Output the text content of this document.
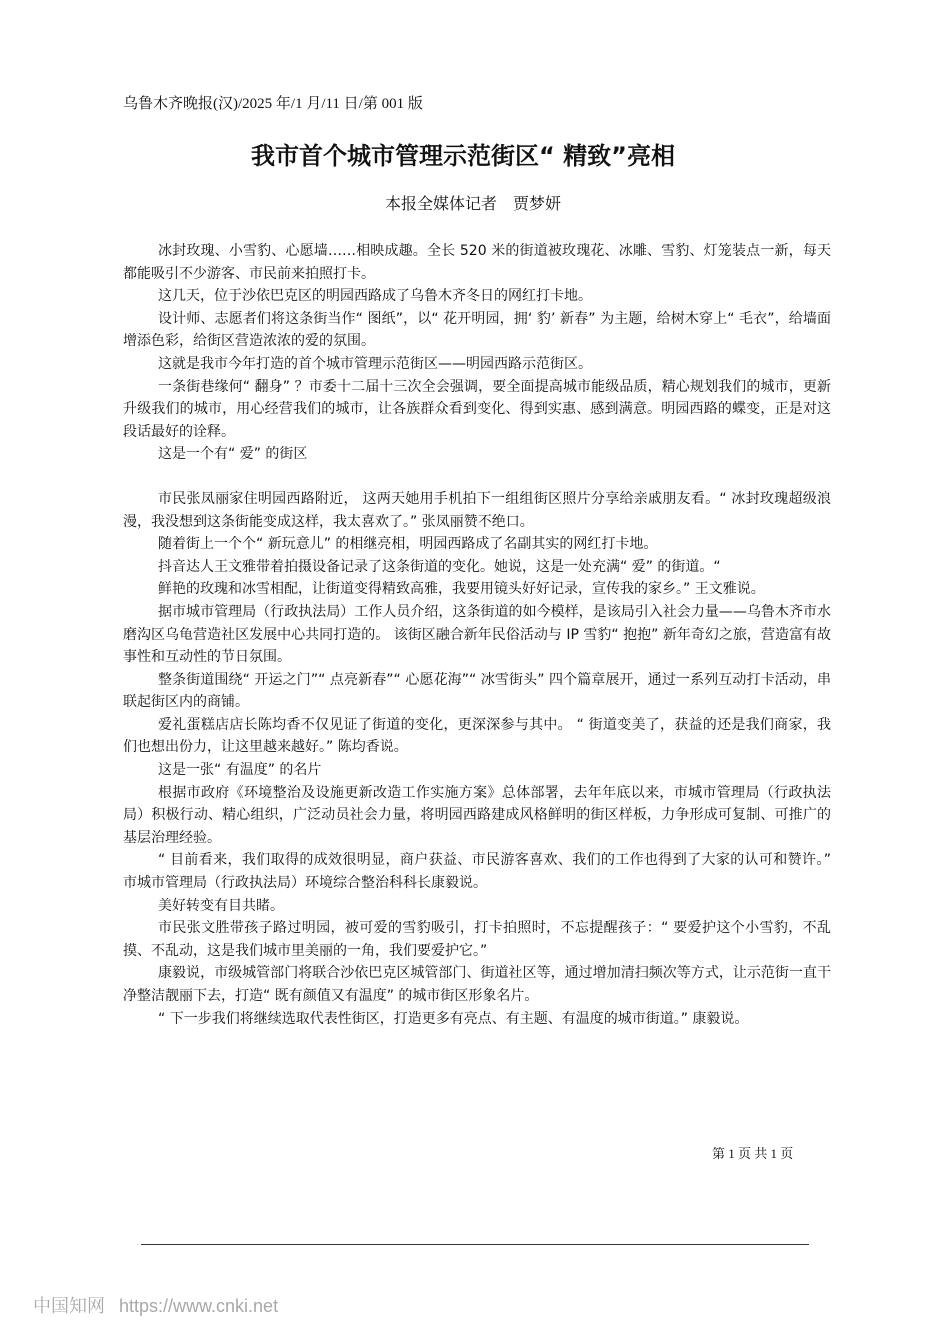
乌鲁木齐晚报(汉)/2025 年/1 月/11 日/第 001 版
我市首个城市管理示范街区“ 精致”亮相
本报全媒体记者　贾梦妍

冰封玫瑰、小雪豹、心愿墙……相映成趣。全长 520 米的街道被玫瑰花、冰雕、雪豹、灯笼装点一新，每天都能吸引不少游客、市民前来拍照打卡。

这几天，位于沙依巴克区的明园西路成了乌鲁木齐冬日的网红打卡地。

设计师、志愿者们将这条街当作“ 图纸”，以“ 花开明园，拥‘ 豹’ 新春” 为主题，给树木穿上“ 毛衣”，给墙面增添色彩，给街区营造浓浓的爱的氛围。

这就是我市今年打造的首个城市管理示范街区——明园西路示范街区。

一条街巷缘何“ 翻身” ？市委十二届十三次全会强调，要全面提高城市能级品质，精心规划我们的城市，更新升级我们的城市，用心经营我们的城市，让各族群众看到变化、得到实惠、感到满意。明园西路的蝶变，正是对这段话最好的诠释。

这是一个有“ 爱” 的街区

市民张凤丽家住明园西路附近， 这两天她用手机拍下一组组街区照片分享给亲戚朋友看。“ 冰封玫瑰超级浪漫，我没想到这条街能变成这样，我太喜欢了。” 张凤丽赞不绝口。

随着街上一个个“ 新玩意儿” 的相继亮相，明园西路成了名副其实的网红打卡地。

抖音达人王文雅带着拍摄设备记录了这条街道的变化。她说，这是一处充满“ 爱” 的街道。“

鲜艳的玫瑰和冰雪相配，让街道变得精致高雅，我要用镜头好好记录，宣传我的家乡。” 王文雅说。

据市城市管理局（行政执法局）工作人员介绍，这条街道的如今模样，是该局引入社会力量——乌鲁木齐市水磨沟区乌龟营造社区发展中心共同打造的。 该街区融合新年民俗活动与 IP 雪豹“ 抱抱” 新年奇幻之旅，营造富有故事性和互动性的节日氛围。

整条街道围绕“ 开运之门”“ 点亮新春”“ 心愿花海”“ 冰雪街头” 四个篇章展开，通过一系列互动打卡活动，串联起街区内的商铺。

爱礼蛋糕店店长陈均香不仅见证了街道的变化，更深深参与其中。 “ 街道变美了，获益的还是我们商家，我们也想出份力，让这里越来越好。” 陈均香说。

这是一张“ 有温度” 的名片

根据市政府《环境整治及设施更新改造工作实施方案》总体部署，去年年底以来，市城市管理局（行政执法局）积极行动、精心组织，广泛动员社会力量，将明园西路建成风格鲜明的街区样板，力争形成可复制、可推广的基层治理经验。

“ 目前看来，我们取得的成效很明显，商户获益、市民游客喜欢、我们的工作也得到了大家的认可和赞许。” 市城市管理局（行政执法局）环境综合整治科科长康毅说。

美好转变有目共睹。

市民张文胜带孩子路过明园，被可爱的雪豹吸引，打卡拍照时，不忘提醒孩子：“ 要爱护这个小雪豹，不乱摸、不乱动，这是我们城市里美丽的一角，我们要爱护它。”

康毅说，市级城管部门将联合沙依巴克区城管部门、街道社区等，通过增加清扫频次等方式，让示范街一直干净整洁靓丽下去，打造“ 既有颜值又有温度” 的城市街区形象名片。

“ 下一步我们将继续选取代表性街区，打造更多有亮点、有主题、有温度的城市街道。” 康毅说。

第 1 页 共 1 页
中国知网 https://www.cnki.net
